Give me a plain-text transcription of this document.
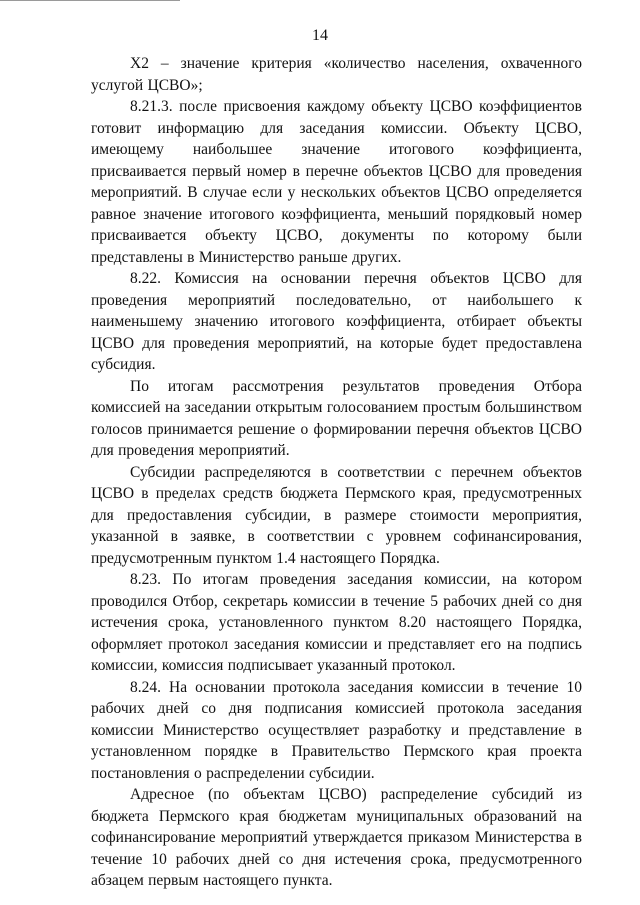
14

X2 – значение критерия «количество населения, охваченного услугой ЦСВО»;

8.21.3. после присвоения каждому объекту ЦСВО коэффициентов готовит информацию для заседания комиссии. Объекту ЦСВО, имеющему наибольшее значение итогового коэффициента, присваивается первый номер в перечне объектов ЦСВО для проведения мероприятий. В случае если у нескольких объектов ЦСВО определяется равное значение итогового коэффициента, меньший порядковый номер присваивается объекту ЦСВО, документы по которому были представлены в Министерство раньше других.

8.22. Комиссия на основании перечня объектов ЦСВО для проведения мероприятий последовательно, от наибольшего к наименьшему значению итогового коэффициента, отбирает объекты ЦСВО для проведения мероприятий, на которые будет предоставлена субсидия.

По итогам рассмотрения результатов проведения Отбора комиссией на заседании открытым голосованием простым большинством голосов принимается решение о формировании перечня объектов ЦСВО для проведения мероприятий.

Субсидии распределяются в соответствии с перечнем объектов ЦСВО в пределах средств бюджета Пермского края, предусмотренных для предоставления субсидии, в размере стоимости мероприятия, указанной в заявке, в соответствии с уровнем софинансирования, предусмотренным пунктом 1.4 настоящего Порядка.

8.23. По итогам проведения заседания комиссии, на котором проводился Отбор, секретарь комиссии в течение 5 рабочих дней со дня истечения срока, установленного пунктом 8.20 настоящего Порядка, оформляет протокол заседания комиссии и представляет его на подпись комиссии, комиссия подписывает указанный протокол.

8.24. На основании протокола заседания комиссии в течение 10 рабочих дней со дня подписания комиссией протокола заседания комиссии Министерство осуществляет разработку и представление в установленном порядке в Правительство Пермского края проекта постановления о распределении субсидии.

Адресное (по объектам ЦСВО) распределение субсидий из бюджета Пермского края бюджетам муниципальных образований на софинансирование мероприятий утверждается приказом Министерства в течение 10 рабочих дней со дня истечения срока, предусмотренного абзацем первым настоящего пункта.
